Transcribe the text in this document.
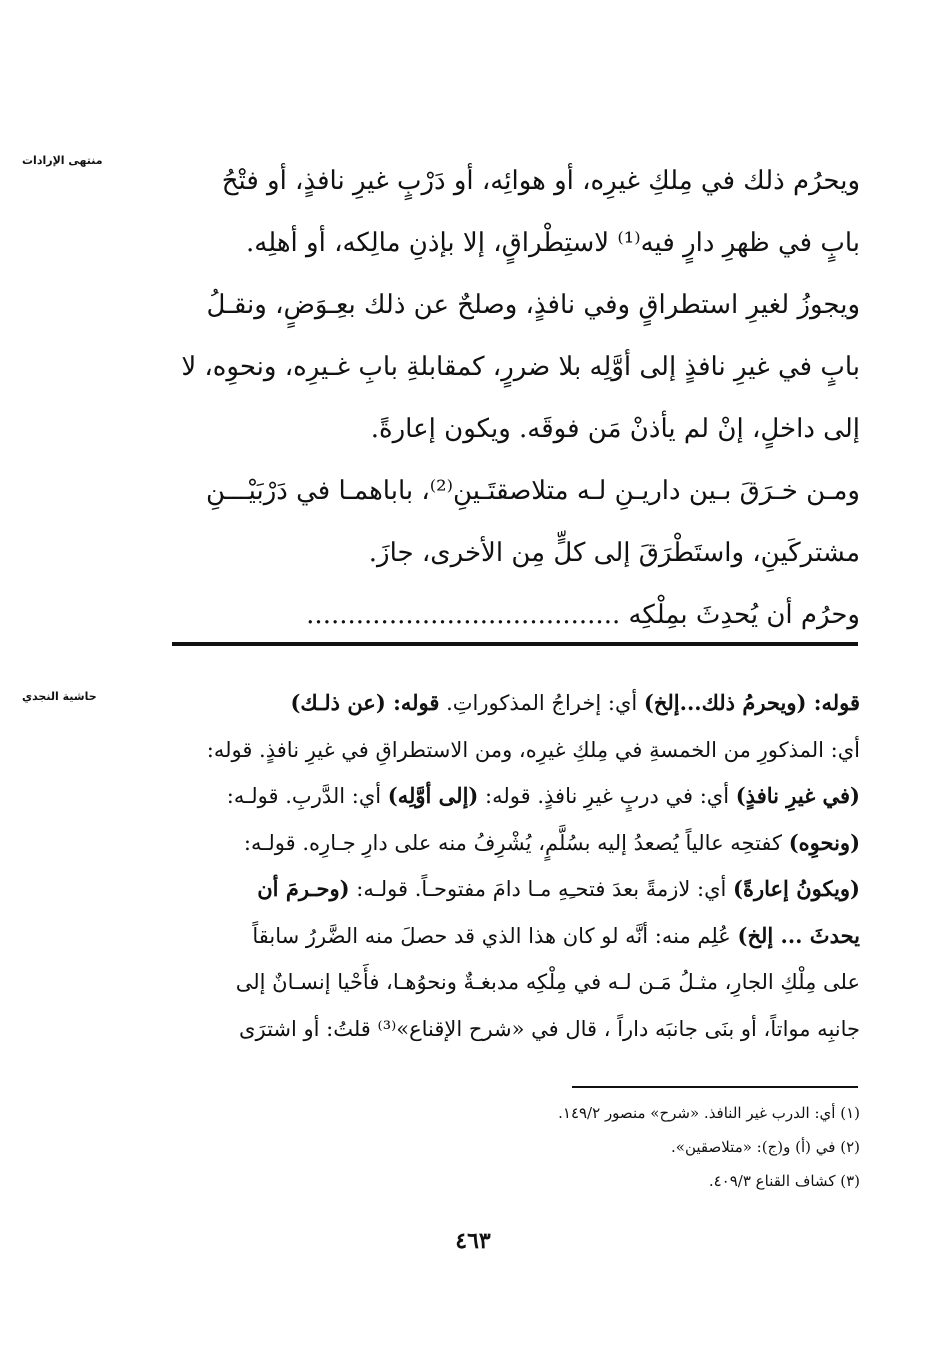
منتهى الإرادات
حاشية النجدي
ويحرُم ذلك في مِلكِ غيرِه، أو هوائِه، أو دَرْبٍ غيرِ نافذٍ، أو فتْحُ
بابٍ في ظهرِ دارٍ فيه⁽¹⁾ لاستِطْراقٍ، إلا بإذنِ مالِكه، أو أهلِه.
ويجوزُ لغيرِ استطراقٍ وفي نافذٍ، وصلحٌ عن ذلك بعِـوَضٍ، ونقـلُ
بابٍ في غيرِ نافذٍ إلى أوَّلِه بلا ضررٍ، كمقابلةِ بابِ غـيرِه، ونحوِه، لا
إلى داخلٍ، إنْ لم يأذنْ مَن فوقَه. ويكون إعارةً.
ومـن خـرَقَ بـين داريـنِ لـه متلاصقتَـينِ⁽²⁾، باباهمـا في دَرْبَيْـــنِ
مشتركَينِ، واستَطْرَقَ إلى كلٍّ مِن الأخرى، جازَ.
وحرُم أن يُحدِثَ بمِلْكِه ......................................
قوله: (ويحرمُ ذلك...إلخ) أي: إخراجُ المذكوراتِ. قوله: (عن ذلـك)
أي: المذكورِ من الخمسةِ في مِلكِ غيرِه، ومن الاستطراقِ في غيرِ نافذٍ. قوله:
(في غيرِ نافذٍ) أي: في دربٍ غيرِ نافذٍ. قوله: (إلى أوَّلِه) أي: الدَّربِ. قولـه:
(ونحوِه) كفتحِه عالياً يُصعدُ إليه بسُلَّمٍ، يُشْرِفُ منه على دارِ جـارِه. قولـه:
(ويكونُ إعارةً) أي: لازمةً بعدَ فتحـِهِ مـا دامَ مفتوحـاً. قولـه: (وحـرمَ أن
يحدثَ ... إلخ) عُلِم منه: أنَّه لو كان هذا الذي قد حصلَ منه الضَّررُ سابقاً
على مِلْكِ الجارِ، مثـلُ مَـن لـه في مِلْكِه مدبغـةٌ ونحوُهـا، فأَحْيا إنسـانٌ إلى
جانبِه مواتاً، أو بنَى جانبَه داراً ، قال في «شرح الإقناع»⁽³⁾ قلتُ: أو اشترَى
(١) أي: الدرب غير النافذ. «شرح» منصور ١٤٩/٢.
(٢) في (أ) و(ج): «متلاصقين».
(٣) كشاف القناع ٤٠٩/٣.
٤٦٣
